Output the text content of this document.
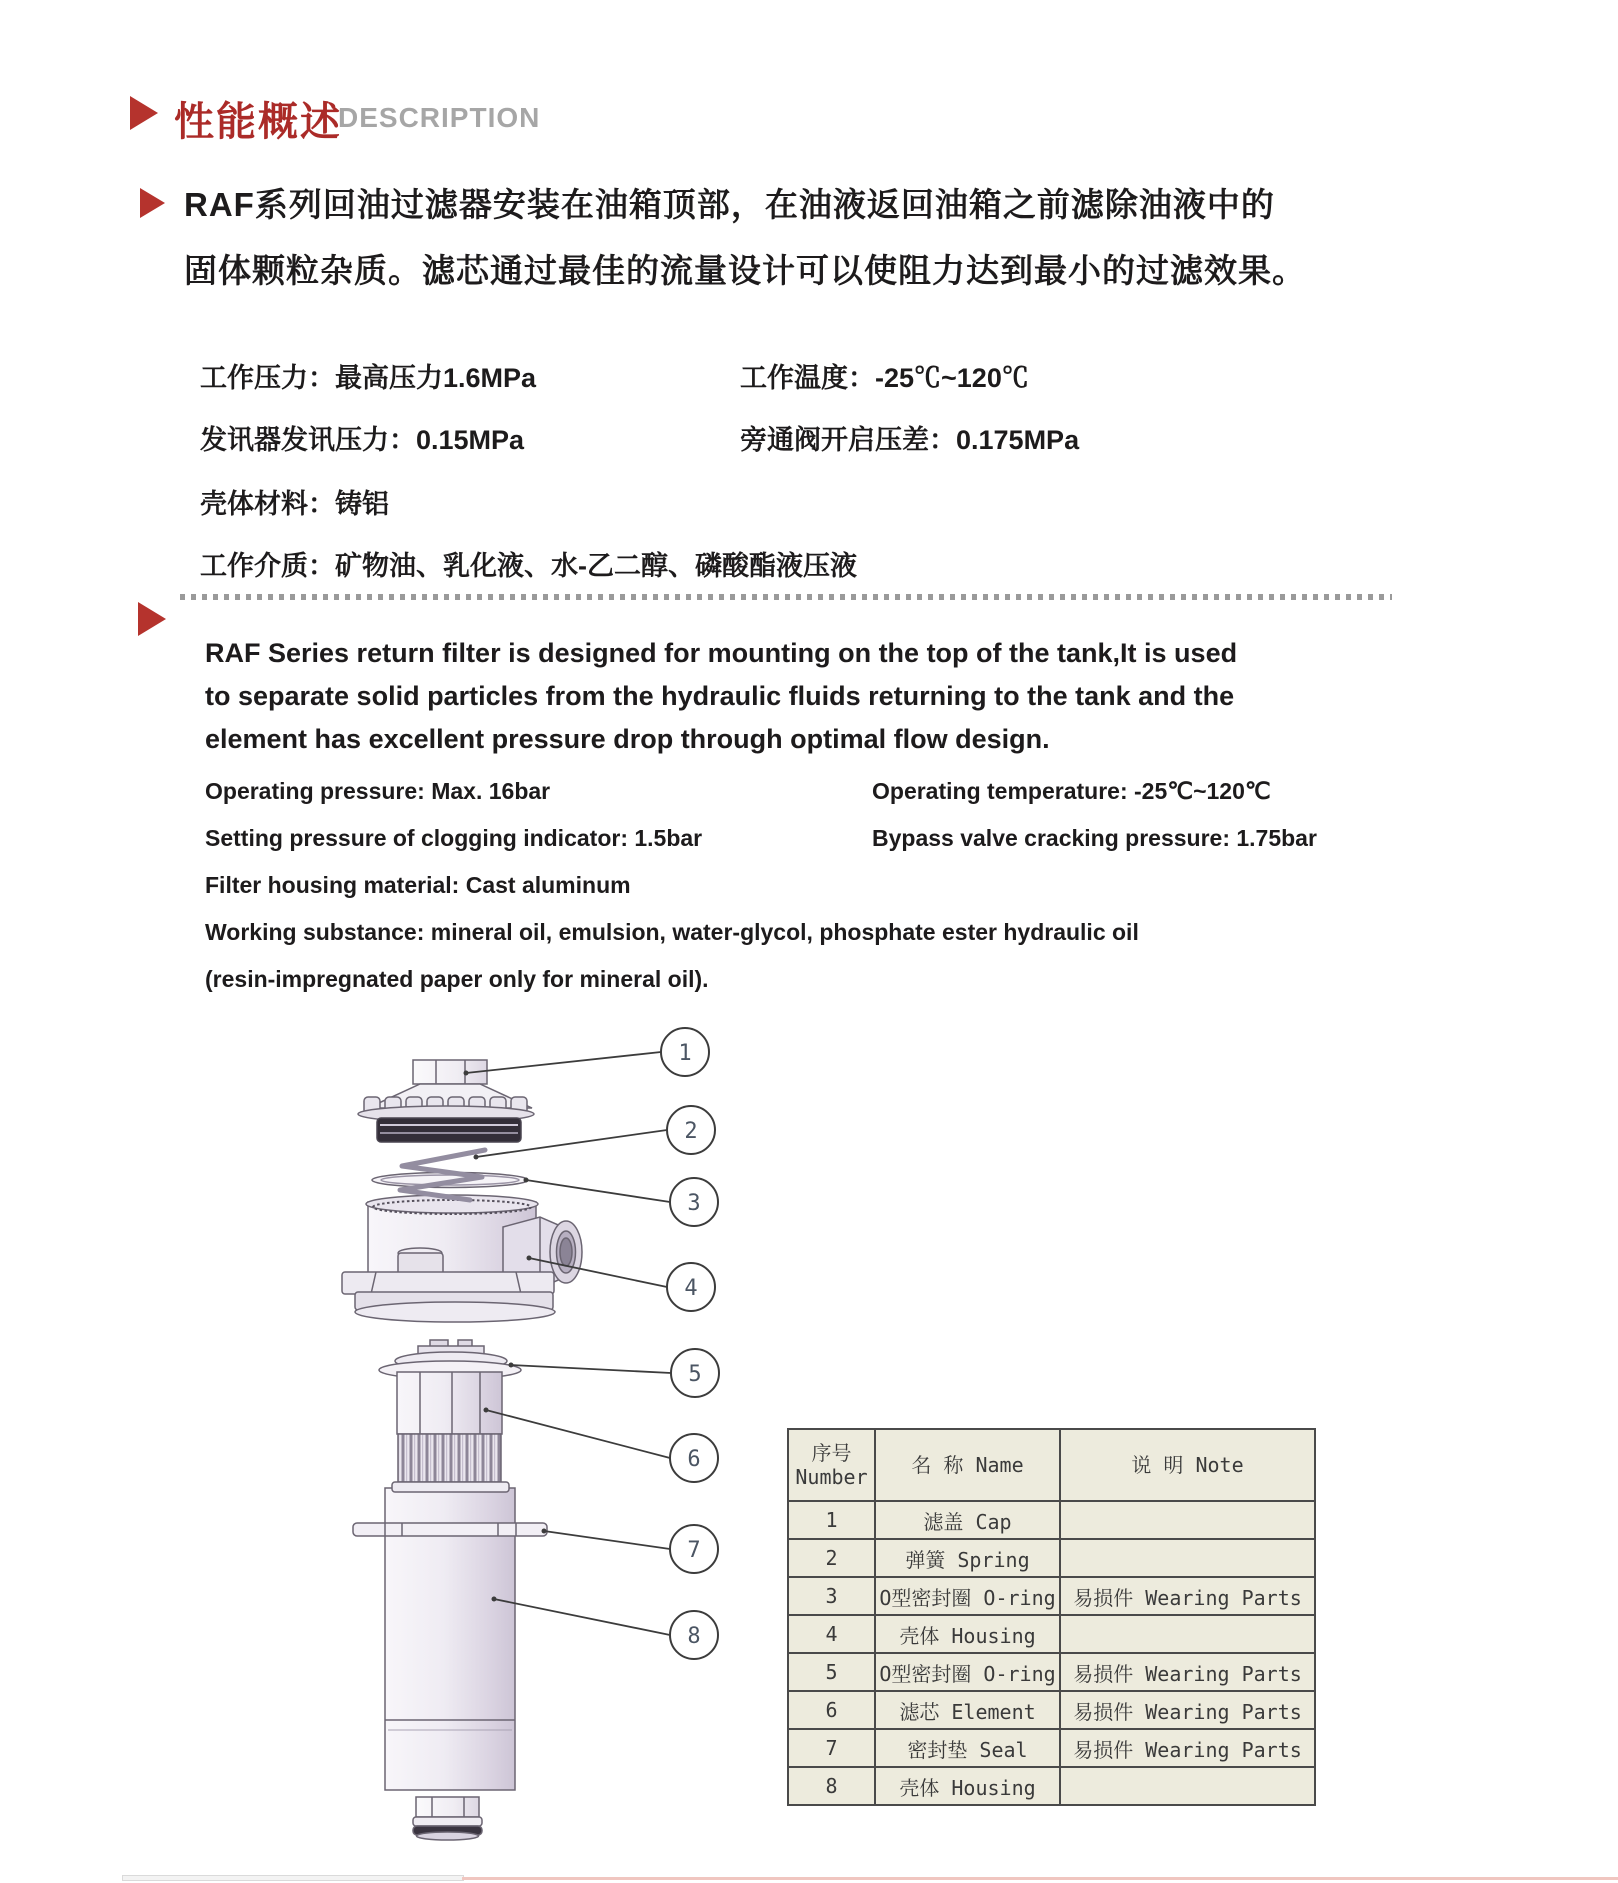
性能概述
DESCRIPTION
RAF系列回油过滤器安装在油箱顶部，在油液返回油箱之前滤除油液中的
固体颗粒杂质。滤芯通过最佳的流量设计可以使阻力达到最小的过滤效果。
工作压力：最高压力1.6MPa	工作温度：-25℃~120℃
发讯器发讯压力：0.15MPa	旁通阀开启压差：0.175MPa
壳体材料：铸铝
工作介质：矿物油、乳化液、水-乙二醇、磷酸酯液压液
RAF Series return filter is designed for mounting on the top of the tank,It is used
to separate solid particles from the hydraulic fluids returning to the tank and the
element has excellent pressure drop through optimal flow design.
Operating pressure: Max. 16bar	Operating temperature: -25℃~120℃
Setting pressure of clogging indicator: 1.5bar	Bypass valve cracking pressure: 1.75bar
Filter housing material: Cast aluminum
Working substance: mineral oil, emulsion, water-glycol, phosphate ester hydraulic oil
(resin-impregnated paper only for mineral oil).
1
2
3
4
5
6
7
8
序号
Number	名 称 Name	说 明 Note
1	滤盖 Cap	
2	弹簧 Spring	
3	O型密封圈 O-ring	易损件 Wearing Parts
4	壳体 Housing	
5	O型密封圈 O-ring	易损件 Wearing Parts
6	滤芯 Element	易损件 Wearing Parts
7	密封垫 Seal	易损件 Wearing Parts
8	壳体 Housing	
